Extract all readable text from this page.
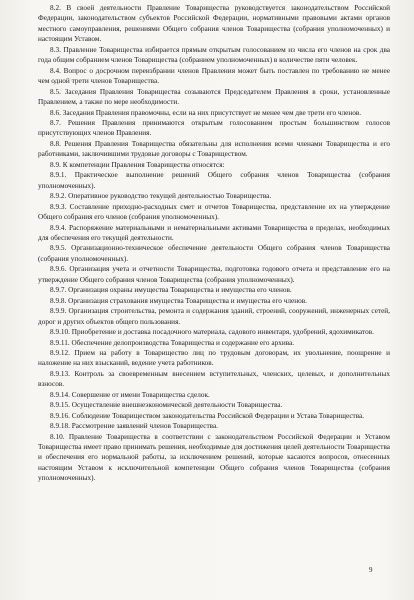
8.2. В своей деятельности Правление Товарищества руководствуется законодательством Российской Федерации, законодательством субъектов Российской Федерации, нормативными правовыми актами органов местного самоуправления, решениями Общего собрания членов Товарищества (собрания уполномоченных) и настоящим Уставом.

8.3. Правление Товарищества избирается прямым открытым голосованием из числа его членов на срок два года общим собранием членов Товарищества (собранием уполномоченных) в количестве пяти человек.

8.4. Вопрос о досрочном переизбрании членов Правления может быть поставлен по требованию не менее чем одной трети членов Товарищества.

8.5. Заседания Правления Товарищества созываются Председателем Правления в сроки, установленные Правлением, а также по мере необходимости.

8.6. Заседания Правления правомочны, если на них присутствует не менее чем две трети его членов.

8.7. Решения Правления принимаются открытым голосованием простым большинством голосов присутствующих членов Правления.

8.8. Решения Правления Товарищества обязательны для исполнения всеми членами Товарищества и его работниками, заключившими трудовые договоры с Товариществом.

8.9. К компетенции Правления Товарищества относятся:

8.9.1. Практическое выполнение решений Общего собрания членов Товарищества (собрания уполномоченных).

8.9.2. Оперативное руководство текущей деятельностью Товарищества.

8.9.3. Составление приходно-расходных смет и отчетов Товарищества, представление их на утверждение Общего собрания его членов (собрания уполномоченных).

8.9.4. Распоряжение материальными и нематериальными активами Товарищества в пределах, необходимых для обеспечения его текущей деятельности.

8.9.5. Организационно-техническое обеспечение деятельности Общего собрания членов Товарищества (собрания уполномоченных).

8.9.6. Организация учета и отчетности Товарищества, подготовка годового отчета и представление его на утверждение Общего собрания членов Товарищества (собрания уполномоченных).

8.9.7. Организация охраны имущества Товарищества и имущества его членов.

8.9.8. Организация страхования имущества Товарищества и имущества его членов.

8.9.9. Организация строительства, ремонта и содержания зданий, строений, сооружений, инженерных сетей, дорог и других объектов общего пользования.

8.9.10. Приобретение и доставка посадочного материала, садового инвентаря, удобрений, ядохимикатов.

8.9.11. Обеспечение делопроизводства Товарищества и содержание его архива.

8.9.12. Прием на работу в Товарищество лиц по трудовым договорам, их увольнение, поощрение и наложение на них взысканий, ведение учета работников.

8.9.13. Контроль за своевременным внесением вступительных, членских, целевых, и дополнительных взносов.

8.9.14. Совершение от имени Товарищества сделок.

8.9.15. Осуществление внешнеэкономической деятельности Товарищества.

8.9.16. Соблюдение Товариществом законодательства Российской Федерации и Устава Товарищества.

8.9.18. Рассмотрение заявлений членов Товарищества.

8.10. Правление Товарищества в соответствии с законодательством Российской Федерации и Уставом Товарищества имеет право принимать решения, необходимые для достижения целей деятельности Товарищества и обеспечения его нормальной работы, за исключением решений, которые касаются вопросов, отнесенных настоящим Уставом к исключительной компетенции Общего собрания членов Товарищества (собрания уполномоченных).

9
